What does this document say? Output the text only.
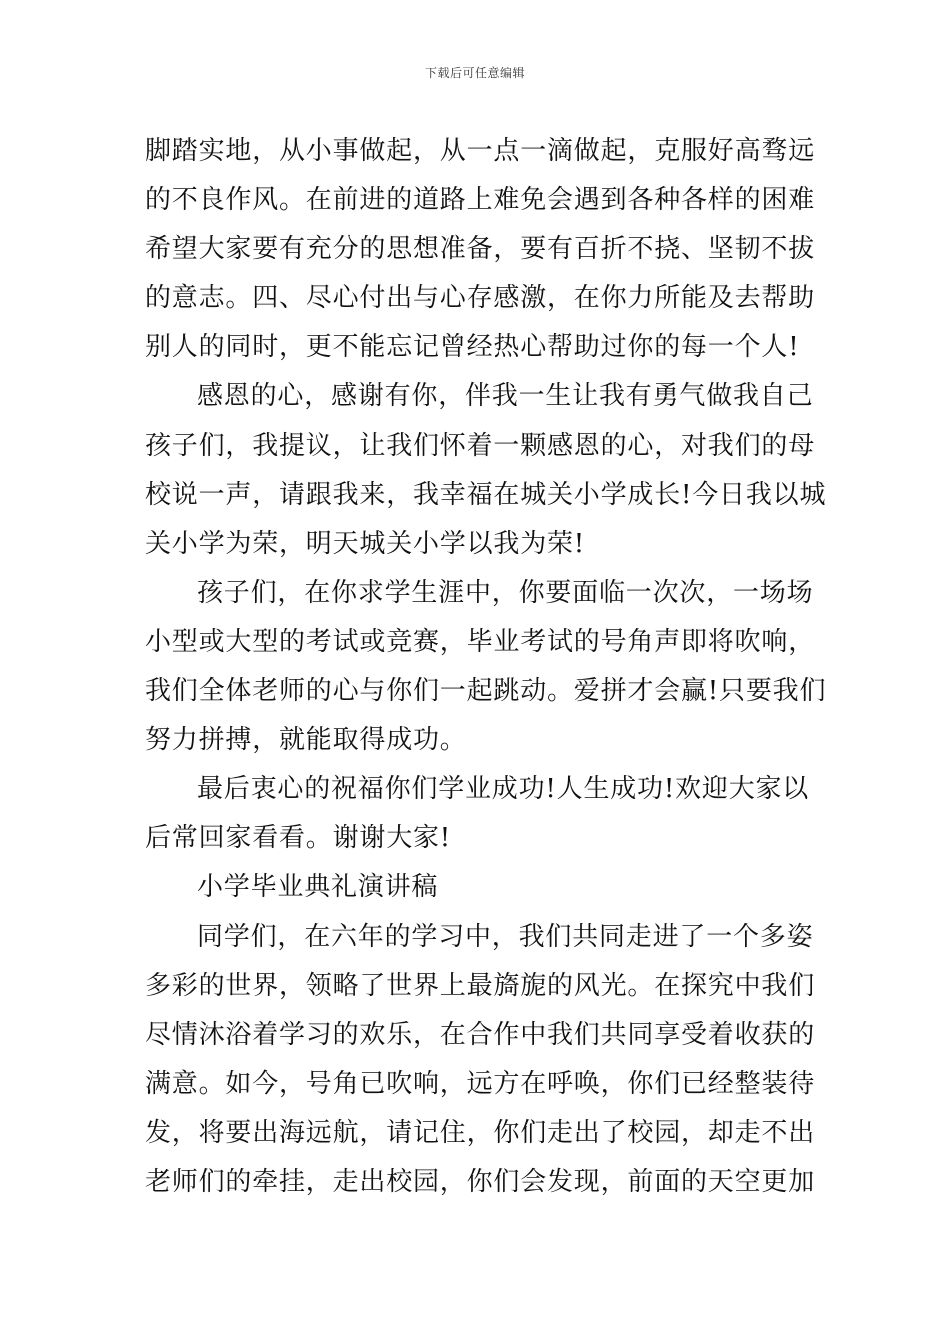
下载后可任意编辑
脚踏实地，从小事做起，从一点一滴做起，克服好高骛远
的不良作风。在前进的道路上难免会遇到各种各样的困难
希望大家要有充分的思想准备，要有百折不挠、坚韧不拔
的意志。四、尽心付出与心存感激，在你力所能及去帮助
别人的同时，更不能忘记曾经热心帮助过你的每一个人!
感恩的心，感谢有你，伴我一生让我有勇气做我自己
孩子们，我提议，让我们怀着一颗感恩的心，对我们的母
校说一声，请跟我来，我幸福在城关小学成长!今日我以城
关小学为荣，明天城关小学以我为荣!
孩子们，在你求学生涯中，你要面临一次次，一场场
小型或大型的考试或竞赛，毕业考试的号角声即将吹响，
我们全体老师的心与你们一起跳动。爱拼才会赢!只要我们
努力拼搏，就能取得成功。
最后衷心的祝福你们学业成功!人生成功!欢迎大家以
后常回家看看。谢谢大家!
小学毕业典礼演讲稿
同学们，在六年的学习中，我们共同走进了一个多姿
多彩的世界，领略了世界上最旖旎的风光。在探究中我们
尽情沐浴着学习的欢乐，在合作中我们共同享受着收获的
满意。如今，号角已吹响，远方在呼唤，你们已经整装待
发，将要出海远航，请记住，你们走出了校园，却走不出
老师们的牵挂，走出校园，你们会发现，前面的天空更加
